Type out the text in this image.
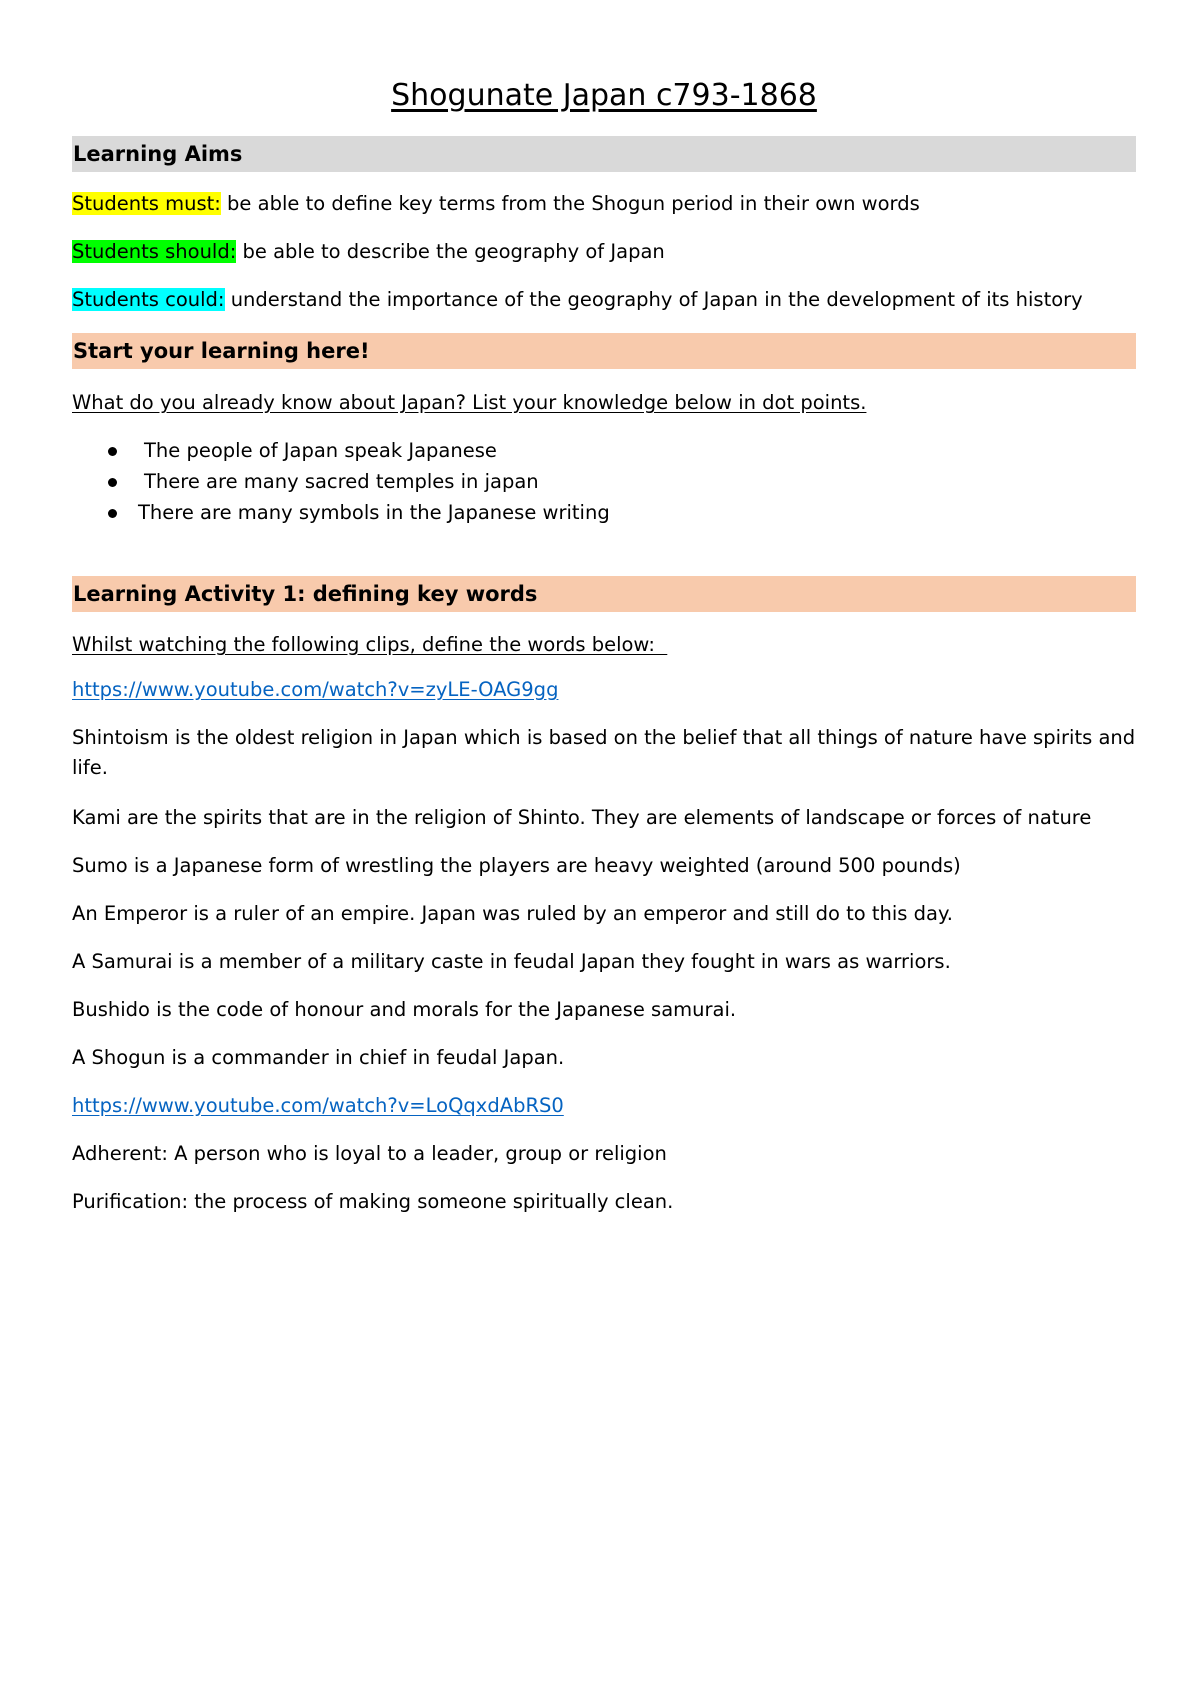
Shogunate Japan c793-1868
Learning Aims
Students must: be able to define key terms from the Shogun period in their own words
Students should: be able to describe the geography of Japan
Students could: understand the importance of the geography of Japan in the development of its history
Start your learning here!
What do you already know about Japan? List your knowledge below in dot points.
The people of Japan speak Japanese
There are many sacred temples in japan
There are many symbols in the Japanese writing
Learning Activity 1: defining key words
Whilst watching the following clips, define the words below:
https://www.youtube.com/watch?v=zyLE-OAG9gg
Shintoism is the oldest religion in Japan which is based on the belief that all things of nature have spirits and life.
Kami are the spirits that are in the religion of Shinto. They are elements of landscape or forces of nature
Sumo is a Japanese form of wrestling the players are heavy weighted (around 500 pounds)
An Emperor is a ruler of an empire. Japan was ruled by an emperor and still do to this day.
A Samurai is a member of a military caste in feudal Japan they fought in wars as warriors.
Bushido is the code of honour and morals for the Japanese samurai.
A Shogun is a commander in chief in feudal Japan.
https://www.youtube.com/watch?v=LoQqxdAbRS0
Adherent: A person who is loyal to a leader, group or religion
Purification: the process of making someone spiritually clean.
